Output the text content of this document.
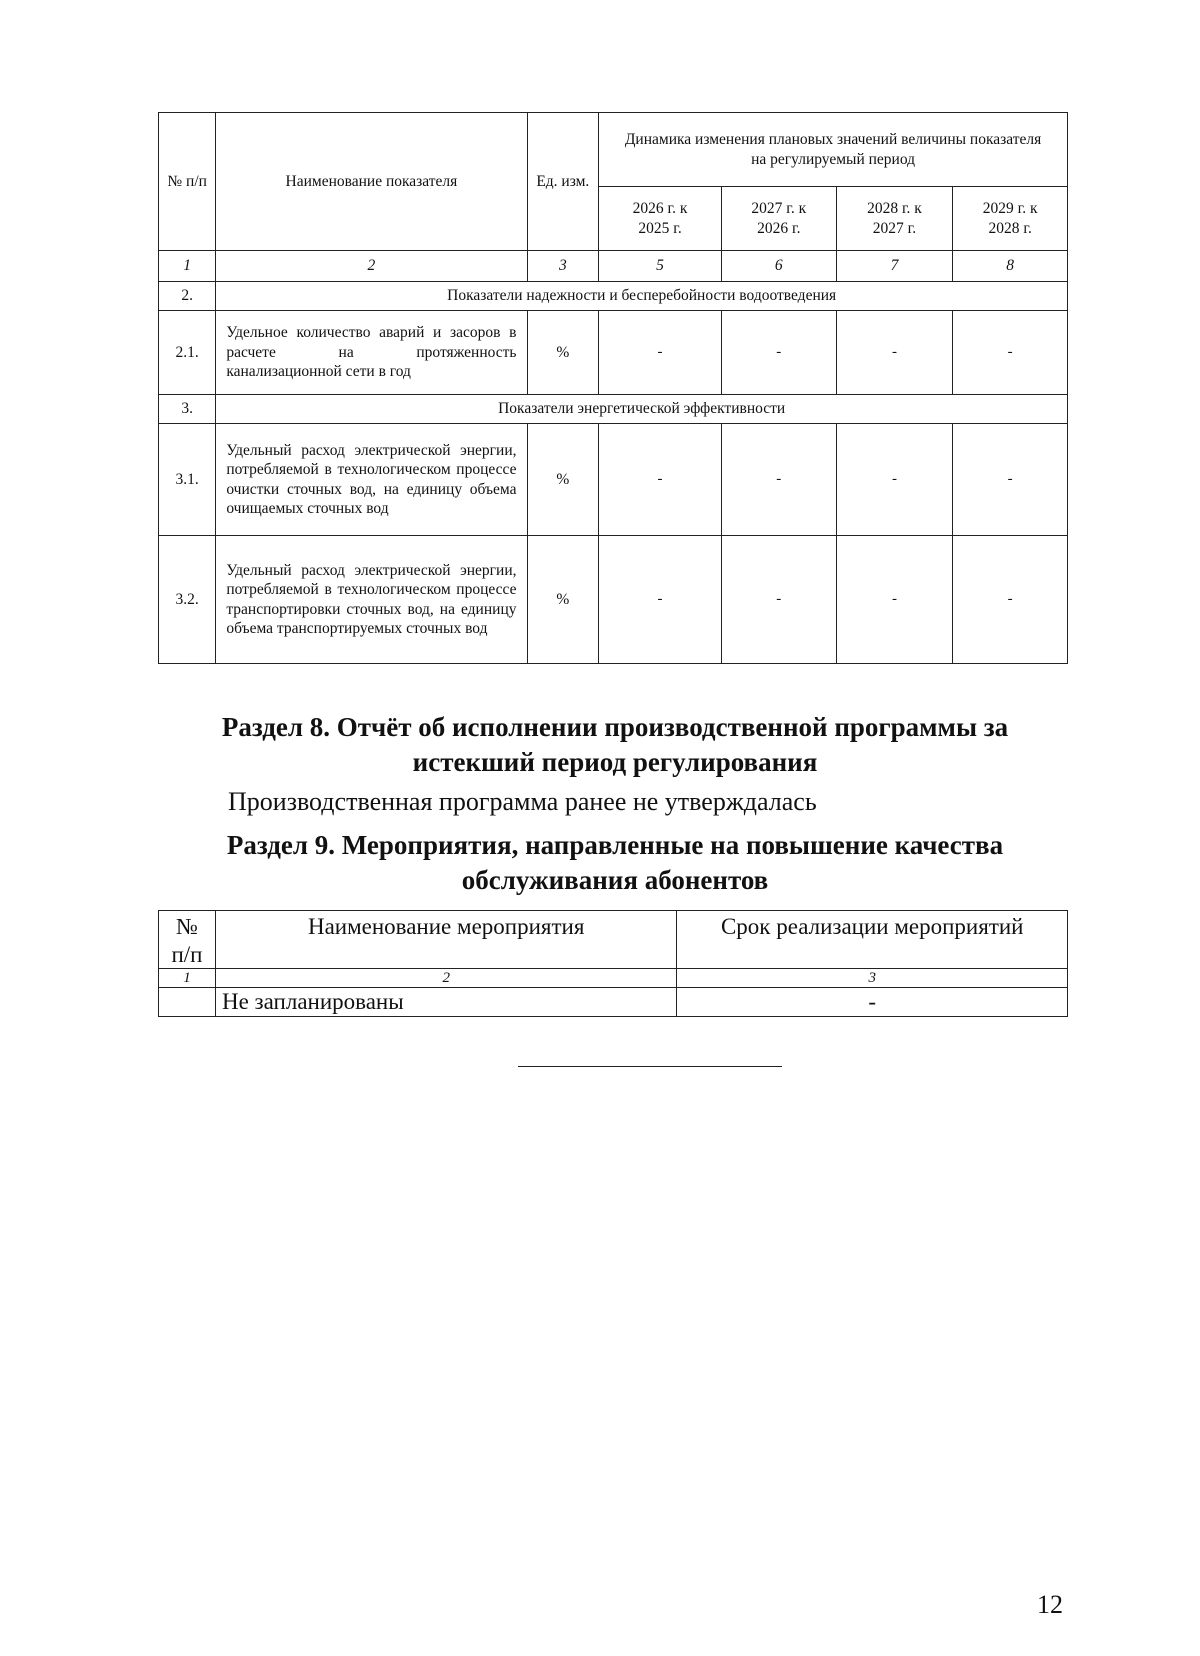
№ п/п	Наименование показателя	Ед. изм.	Динамика изменения плановых значений величины показателя на регулируемый период			
			2026 г. к 2025 г.	2027 г. к 2026 г.	2028 г. к 2027 г.	2029 г. к 2028 г.
1	2	3	5	6	7	8
2.	Показатели надежности и бесперебойности водоотведения					
2.1.	Удельное количество аварий и засоров в расчете на протяженность канализационной сети в год	%	-	-	-	-
3.	Показатели энергетической эффективности					
3.1.	Удельный расход электрической энергии, потребляемой в технологическом процессе очистки сточных вод, на единицу объема очищаемых сточных вод	%	-	-	-	-
3.2.	Удельный расход электрической энергии, потребляемой в технологическом процессе транспортировки сточных вод, на единицу объема транспортируемых сточных вод	%	-	-	-	-
Раздел 8. Отчёт об исполнении производственной программы за истекший период регулирования
Производственная программа ранее не утверждалась
Раздел 9. Мероприятия, направленные на повышение качества обслуживания абонентов
№ п/п	Наименование мероприятия	Срок реализации мероприятий
1	2	3
	Не запланированы	-
12
